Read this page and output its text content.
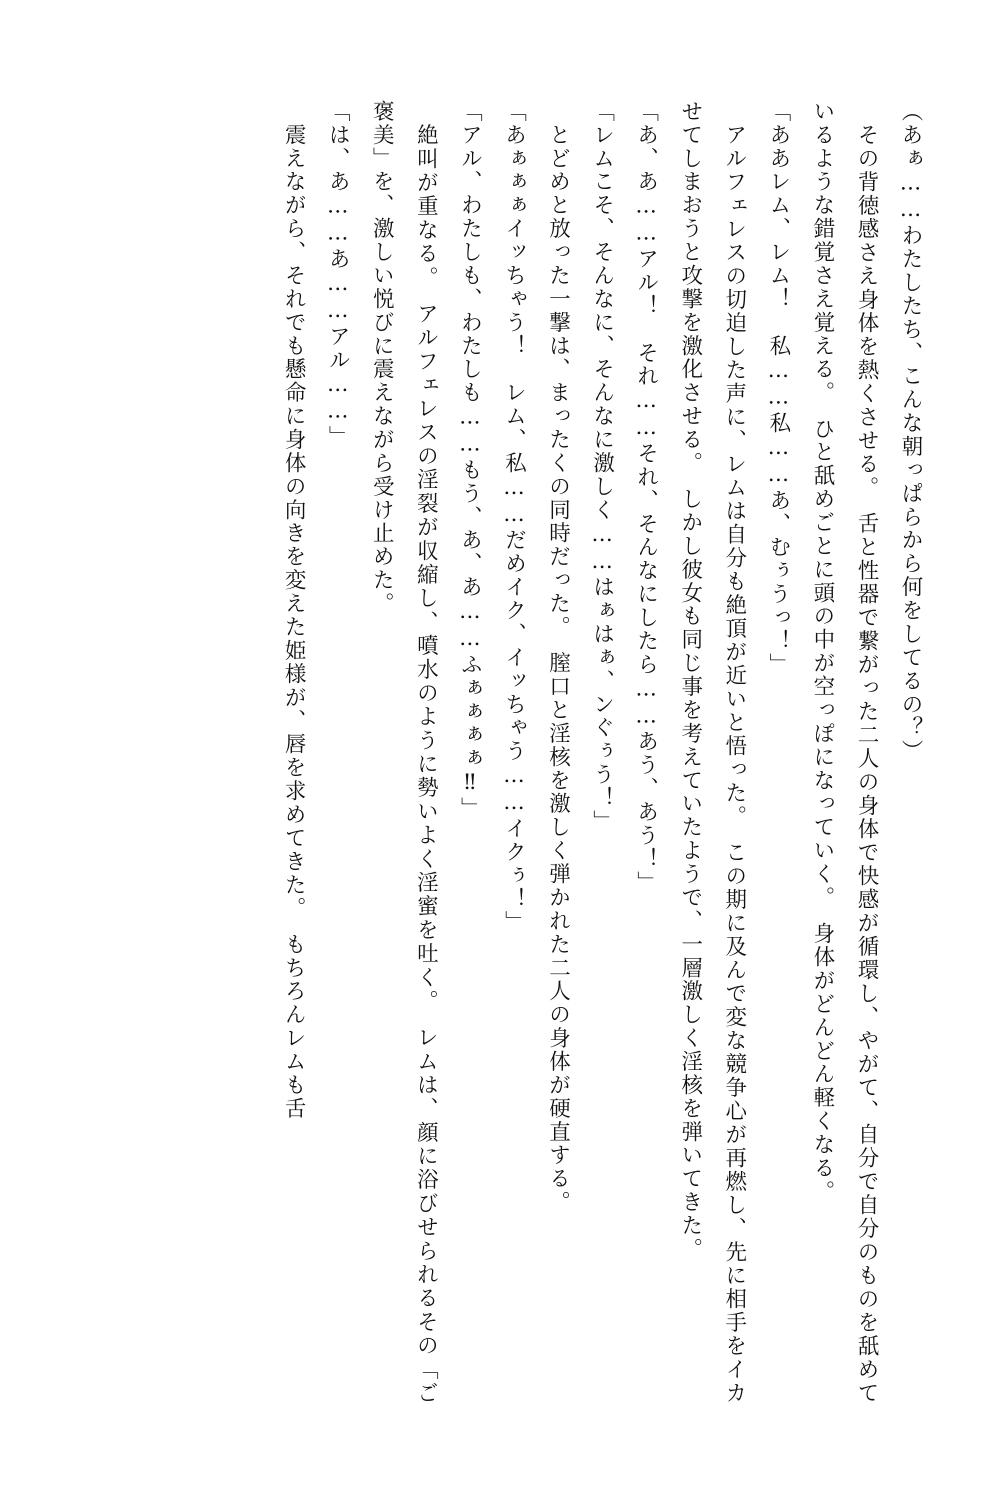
（あぁ……わたしたち、こんな朝っぱらから何をしてるの？）

　その背徳感さえ身体を熱くさせる。　舌と性器で繋がった二人の身体で快感が循環し、やがて、自分で自分のものを舐めているような錯覚さえ覚える。　ひと舐めごとに頭の中が空っぽになっていく。　身体がどんどん軽くなる。

「ああレム、レム！　私……私……あ、むぅうっ！」

　アルフェレスの切迫した声に、レムは自分も絶頂が近いと悟った。　この期に及んで変な競争心が再燃し、先に相手をイカせてしまおうと攻撃を激化させる。　しかし彼女も同じ事を考えていたようで、一層激しく淫核を弾いてきた。

「あ、あ……アル！　それ……それ、そんなにしたら……あう、あう！」

「レムこそ、そんなに、そんなに激しく……はぁはぁ、ンぐぅう！」

　とどめと放った一撃は、まったくの同時だった。　膣口と淫核を激しく弾かれた二人の身体が硬直する。

「あぁぁぁイッちゃう！　レム、私……だめイク、イッちゃう……イクぅ！」

「アル、わたしも、わたしも……もう、あ、あ……ふぁぁぁぁ‼」

　絶叫が重なる。　アルフェレスの淫裂が収縮し、噴水のように勢いよく淫蜜を吐く。　レムは、顔に浴びせられるその「ご褒美」を、激しい悦びに震えながら受け止めた。

「は、あ……あ……アル……」

　震えながら、それでも懸命に身体の向きを変えた姫様が、唇を求めてきた。　もちろんレムも舌
